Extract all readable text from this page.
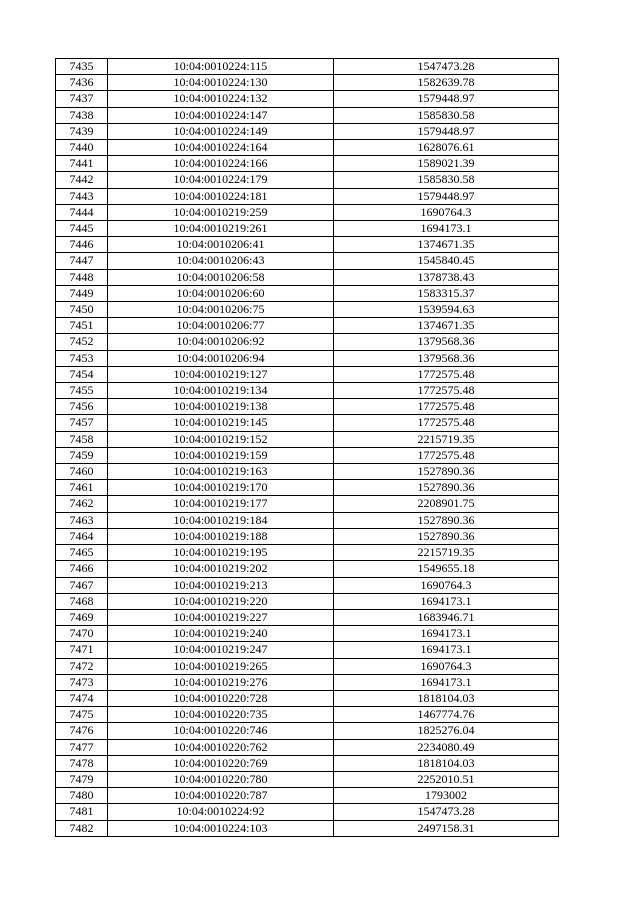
7435	10:04:0010224:115	1547473.28
7436	10:04:0010224:130	1582639.78
7437	10:04:0010224:132	1579448.97
7438	10:04:0010224:147	1585830.58
7439	10:04:0010224:149	1579448.97
7440	10:04:0010224:164	1628076.61
7441	10:04:0010224:166	1589021.39
7442	10:04:0010224:179	1585830.58
7443	10:04:0010224:181	1579448.97
7444	10:04:0010219:259	1690764.3
7445	10:04:0010219:261	1694173.1
7446	10:04:0010206:41	1374671.35
7447	10:04:0010206:43	1545840.45
7448	10:04:0010206:58	1378738.43
7449	10:04:0010206:60	1583315.37
7450	10:04:0010206:75	1539594.63
7451	10:04:0010206:77	1374671.35
7452	10:04:0010206:92	1379568.36
7453	10:04:0010206:94	1379568.36
7454	10:04:0010219:127	1772575.48
7455	10:04:0010219:134	1772575.48
7456	10:04:0010219:138	1772575.48
7457	10:04:0010219:145	1772575.48
7458	10:04:0010219:152	2215719.35
7459	10:04:0010219:159	1772575.48
7460	10:04:0010219:163	1527890.36
7461	10:04:0010219:170	1527890.36
7462	10:04:0010219:177	2208901.75
7463	10:04:0010219:184	1527890.36
7464	10:04:0010219:188	1527890.36
7465	10:04:0010219:195	2215719.35
7466	10:04:0010219:202	1549655.18
7467	10:04:0010219:213	1690764.3
7468	10:04:0010219:220	1694173.1
7469	10:04:0010219:227	1683946.71
7470	10:04:0010219:240	1694173.1
7471	10:04:0010219:247	1694173.1
7472	10:04:0010219:265	1690764.3
7473	10:04:0010219:276	1694173.1
7474	10:04:0010220:728	1818104.03
7475	10:04:0010220:735	1467774.76
7476	10:04:0010220:746	1825276.04
7477	10:04:0010220:762	2234080.49
7478	10:04:0010220:769	1818104.03
7479	10:04:0010220:780	2252010.51
7480	10:04:0010220:787	1793002
7481	10:04:0010224:92	1547473.28
7482	10:04:0010224:103	2497158.31
